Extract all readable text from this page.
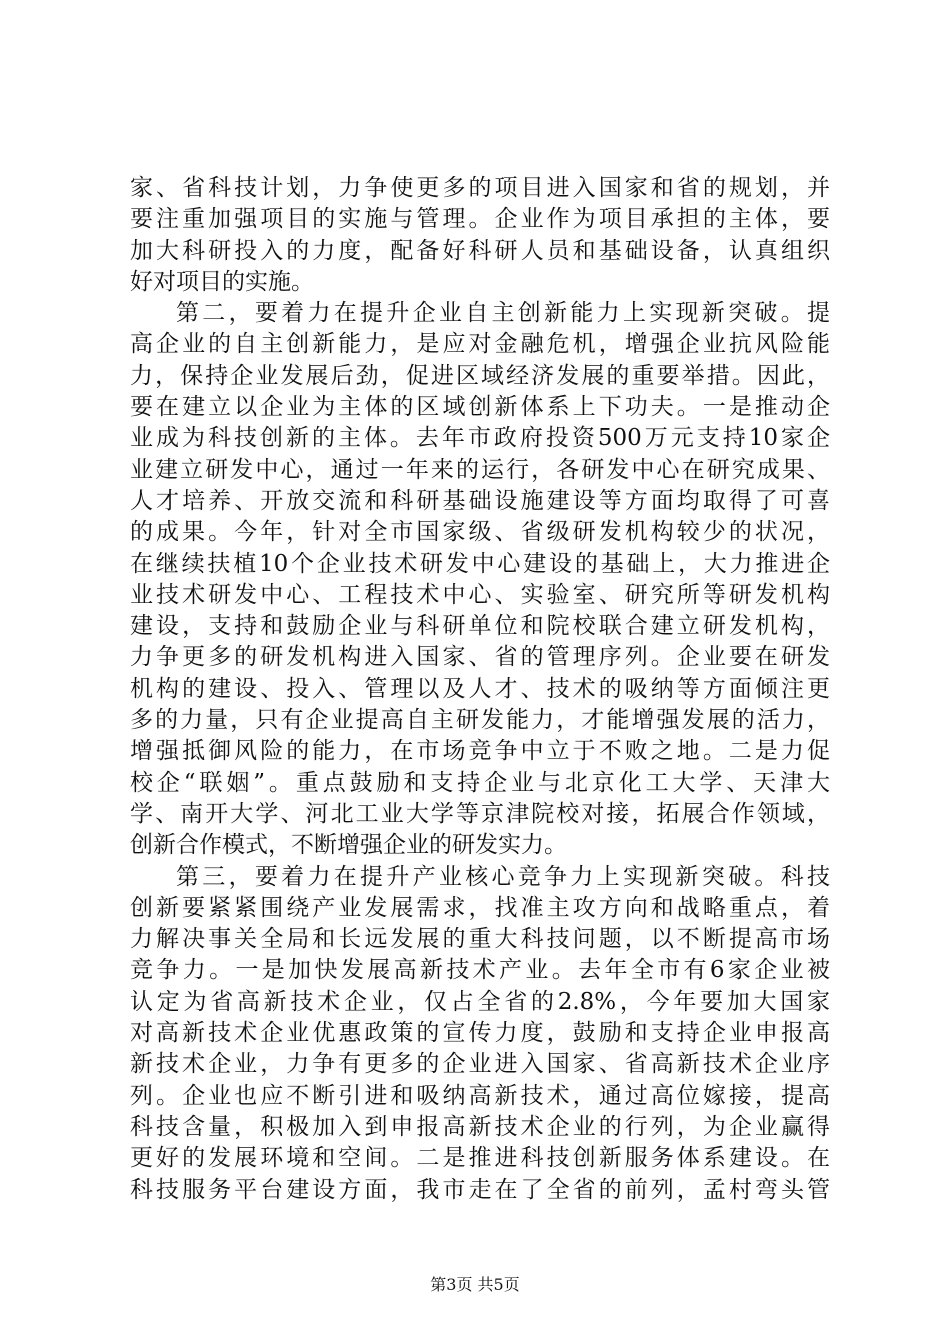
家、省科技计划，力争使更多的项目进入国家和省的规划，并
要注重加强项目的实施与管理。企业作为项目承担的主体，要
加大科研投入的力度，配备好科研人员和基础设备，认真组织
好对项目的实施。
第二，要着力在提升企业自主创新能力上实现新突破。提
高企业的自主创新能力，是应对金融危机，增强企业抗风险能
力，保持企业发展后劲，促进区域经济发展的重要举措。因此，
要在建立以企业为主体的区域创新体系上下功夫。一是推动企
业成为科技创新的主体。去年市政府投资500万元支持10家企
业建立研发中心，通过一年来的运行，各研发中心在研究成果、
人才培养、开放交流和科研基础设施建设等方面均取得了可喜
的成果。今年，针对全市国家级、省级研发机构较少的状况，
在继续扶植10个企业技术研发中心建设的基础上，大力推进企
业技术研发中心、工程技术中心、实验室、研究所等研发机构
建设，支持和鼓励企业与科研单位和院校联合建立研发机构，
力争更多的研发机构进入国家、省的管理序列。企业要在研发
机构的建设、投入、管理以及人才、技术的吸纳等方面倾注更
多的力量，只有企业提高自主研发能力，才能增强发展的活力，
增强抵御风险的能力，在市场竞争中立于不败之地。二是力促
校企“联姻”。重点鼓励和支持企业与北京化工大学、天津大
学、南开大学、河北工业大学等京津院校对接，拓展合作领域，
创新合作模式，不断增强企业的研发实力。
第三，要着力在提升产业核心竞争力上实现新突破。科技
创新要紧紧围绕产业发展需求，找准主攻方向和战略重点，着
力解决事关全局和长远发展的重大科技问题，以不断提高市场
竞争力。一是加快发展高新技术产业。去年全市有6家企业被
认定为省高新技术企业，仅占全省的2.8%，今年要加大国家
对高新技术企业优惠政策的宣传力度，鼓励和支持企业申报高
新技术企业，力争有更多的企业进入国家、省高新技术企业序
列。企业也应不断引进和吸纳高新技术，通过高位嫁接，提高
科技含量，积极加入到申报高新技术企业的行列，为企业赢得
更好的发展环境和空间。二是推进科技创新服务体系建设。在
科技服务平台建设方面，我市走在了全省的前列，孟村弯头管
第3页 共5页
